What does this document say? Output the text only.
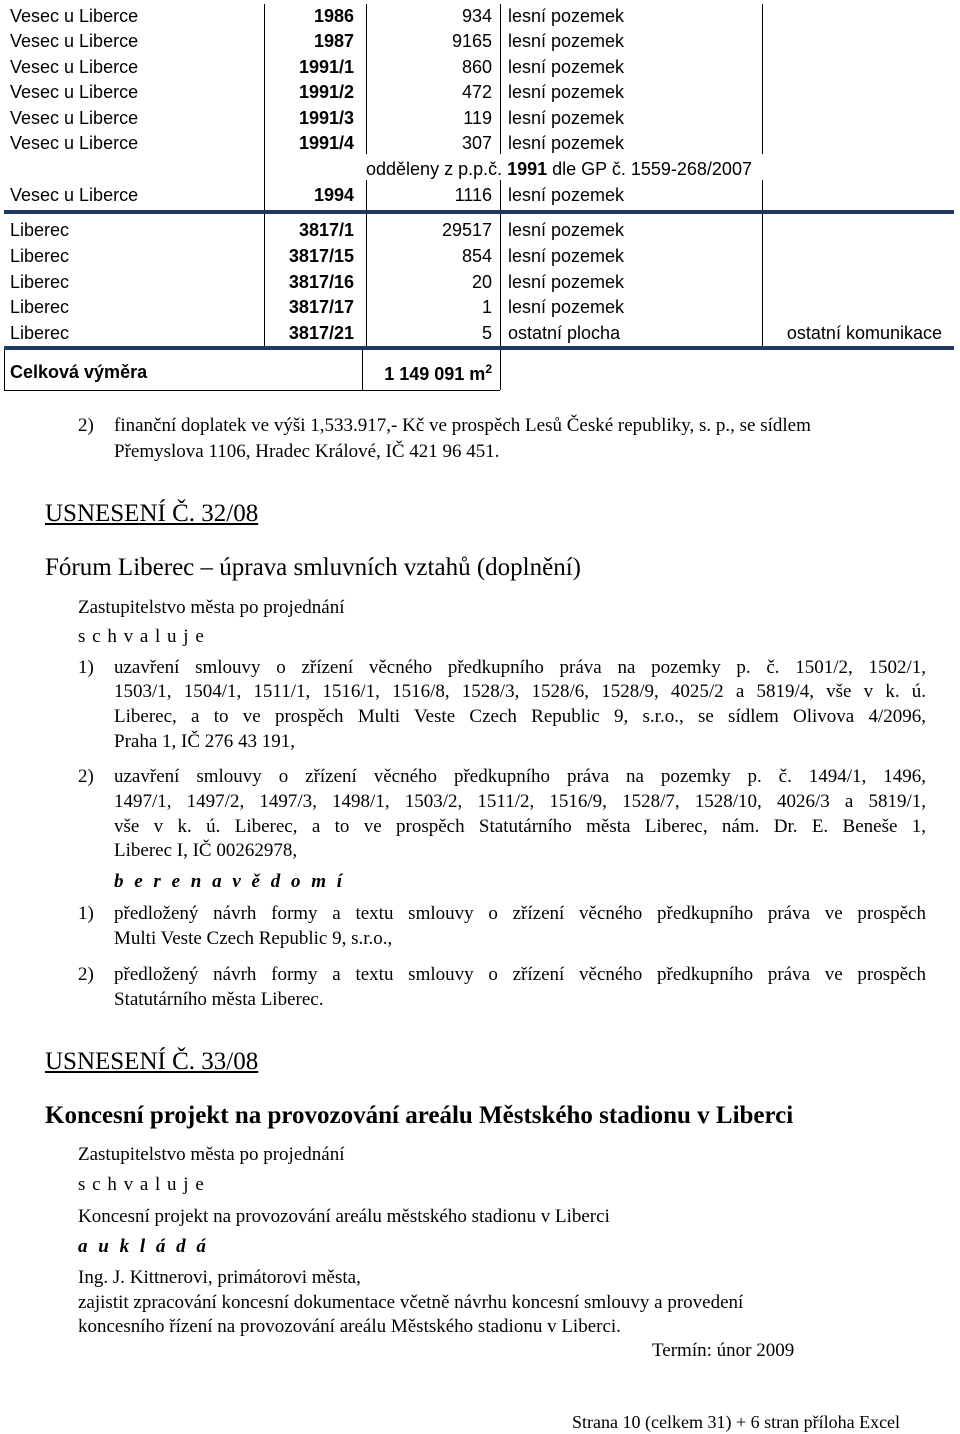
Vesec u Liberce	1986	934 lesní pozemek
Vesec u Liberce	1987	9165 lesní pozemek
Vesec u Liberce	1991/1	860 lesní pozemek
Vesec u Liberce	1991/2	472 lesní pozemek
Vesec u Liberce	1991/3	119 lesní pozemek
Vesec u Liberce	1991/4	307 lesní pozemek
odděleny z p.p.č. 1991 dle GP č. 1559-268/2007
Vesec u Liberce	1994	1116 lesní pozemek
Liberec	3817/1	29517 lesní pozemek
Liberec	3817/15	854 lesní pozemek
Liberec	3817/16	20 lesní pozemek
Liberec	3817/17	1 lesní pozemek
Liberec	3817/21	5 ostatní plocha	ostatní komunikace
Celková výměra	1 149 091 $m^2$
2) finanční doplatek ve výši 1,533.917,- Kč ve prospěch Lesů České republiky, s. p., se sídlem
Přemyslova 1106, Hradec Králové, IČ 421 96 451.
USNESENÍ Č. 32/08
Fórum Liberec – úprava smluvních vztahů (doplnění)
Zastupitelstvo města po projednání
s c h v a l u j e
1) uzavření smlouvy o zřízení věcného předkupního práva na pozemky p. č. 1501/2, 1502/1,
1503/1, 1504/1, 1511/1, 1516/1, 1516/8, 1528/3, 1528/6, 1528/9, 4025/2 a 5819/4, vše v k. ú.
Liberec, a to ve prospěch Multi Veste Czech Republic 9, s.r.o., se sídlem Olivova 4/2096,
Praha 1, IČ 276 43 191,
2) uzavření smlouvy o zřízení věcného předkupního práva na pozemky p. č. 1494/1, 1496,
1497/1, 1497/2, 1497/3, 1498/1, 1503/2, 1511/2, 1516/9, 1528/7, 1528/10, 4026/3 a 5819/1,
vše v k. ú. Liberec, a to ve prospěch Statutárního města Liberec, nám. Dr. E. Beneše 1,
Liberec I, IČ 00262978,
b e r e n a v ě d o m í
1) předložený návrh formy a textu smlouvy o zřízení věcného předkupního práva ve prospěch
Multi Veste Czech Republic 9, s.r.o.,
2) předložený návrh formy a textu smlouvy o zřízení věcného předkupního práva ve prospěch
Statutárního města Liberec.
USNESENÍ Č. 33/08
Koncesní projekt na provozování areálu Městského stadionu v Liberci
Zastupitelstvo města po projednání
s c h v a l u j e
Koncesní projekt na provozování areálu městského stadionu v Liberci
a u k l á d á
Ing. J. Kittnerovi, primátorovi města,
zajistit zpracování koncesní dokumentace včetně návrhu koncesní smlouvy a provedení
koncesního řízení na provozování areálu Městského stadionu v Liberci.
Termín: únor 2009
Strana 10 (celkem 31) + 6 stran příloha Excel
